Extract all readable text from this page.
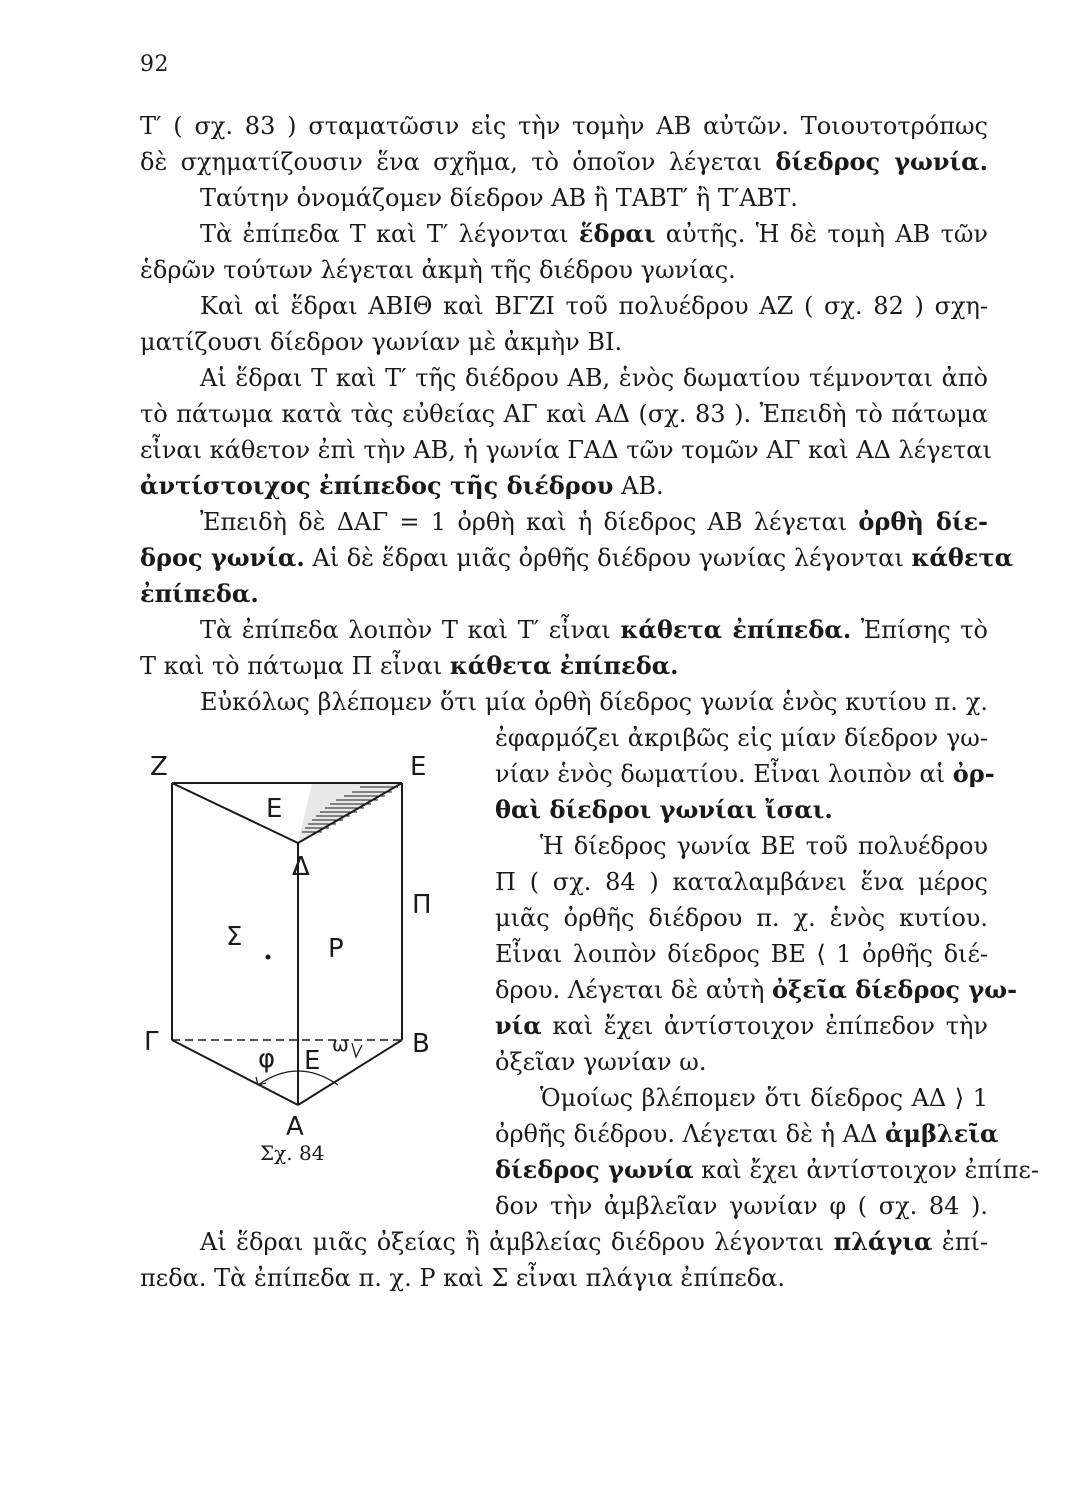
92
Τ′ ( σχ. 83 ) σταματῶσιν εἰς τὴν τομὴν ΑΒ αὐτῶν. Τοιουτοτρόπως
δὲ σχηματίζουσιν ἕνα σχῆμα, τὸ ὁποῖον λέγεται δίεδρος γωνία.
Ταύτην ὀνομάζομεν δίεδρον ΑΒ ἢ ΤΑΒΤ′ ἢ Τ′ΑΒΤ.
Τὰ ἐπίπεδα Τ καὶ Τ′ λέγονται ἕδραι αὐτῆς. Ἡ δὲ τομὴ ΑΒ τῶν
ἑδρῶν τούτων λέγεται ἀκμὴ τῆς διέδρου γωνίας.
Καὶ αἱ ἕδραι ΑΒΙΘ καὶ ΒΓΖΙ τοῦ πολυέδρου ΑΖ ( σχ. 82 ) σχη-
ματίζουσι δίεδρον γωνίαν μὲ ἀκμὴν ΒΙ.
Αἱ ἕδραι Τ καὶ Τ′ τῆς διέδρου ΑΒ, ἑνὸς δωματίου τέμνονται ἀπὸ
τὸ πάτωμα κατὰ τὰς εὐθείας ΑΓ καὶ ΑΔ (σχ. 83 ). Ἐπειδὴ τὸ πάτωμα
εἶναι κάθετον ἐπὶ τὴν ΑΒ, ἡ γωνία ΓΑΔ τῶν τομῶν ΑΓ καὶ ΑΔ λέγεται
ἀντίστοιχος ἐπίπεδος τῆς διέδρου ΑΒ.
Ἐπειδὴ δὲ ΔΑΓ = 1 ὀρθὴ καὶ ἡ δίεδρος ΑΒ λέγεται ὀρθὴ δίε-
δρος γωνία. Αἱ δὲ ἕδραι μιᾶς ὀρθῆς διέδρου γωνίας λέγονται κάθετα
ἐπίπεδα.
Τὰ ἐπίπεδα λοιπὸν Τ καὶ Τ′ εἶναι κάθετα ἐπίπεδα. Ἐπίσης τὸ
Τ καὶ τὸ πάτωμα Π εἶναι κάθετα ἐπίπεδα.
Εὐκόλως βλέπομεν ὅτι μία ὀρθὴ δίεδρος γωνία ἑνὸς κυτίου π. χ.
ἐφαρμόζει ἀκριβῶς εἰς μίαν δίεδρον γω-
νίαν ἑνὸς δωματίου. Εἶναι λοιπὸν αἱ ὀρ-
θαὶ δίεδροι γωνίαι ἴσαι.
Ἡ δίεδρος γωνία ΒΕ τοῦ πολυέδρου
Π ( σχ. 84 ) καταλαμβάνει ἕνα μέρος
μιᾶς ὀρθῆς διέδρου π. χ. ἑνὸς κυτίου.
Εἶναι λοιπὸν δίεδρος ΒΕ ⟨ 1 ὀρθῆς διέ-
δρου. Λέγεται δὲ αὐτὴ ὀξεῖα δίεδρος γω-
νία καὶ ἔχει ἀντίστοιχον ἐπίπεδον τὴν
ὀξεῖαν γωνίαν ω.
Ὁμοίως βλέπομεν ὅτι δίεδρος ΑΔ ⟩ 1
ὀρθῆς διέδρου. Λέγεται δὲ ἡ ΑΔ ἀμβλεῖα
δίεδρος γωνία καὶ ἔχει ἀντίστοιχον ἐπίπε-
δον τὴν ἀμβλεῖαν γωνίαν φ ( σχ. 84 ).
Αἱ ἕδραι μιᾶς ὀξείας ἢ ἀμβλείας διέδρου λέγονται πλάγια ἐπί-
πεδα. Τὰ ἐπίπεδα π. χ. Ρ καὶ Σ εἶναι πλάγια ἐπίπεδα.
Z	E
Ε
Δ
Π
Σ	Ρ
Γ	B
φ Ε
ω
Α
Σχ. 84
